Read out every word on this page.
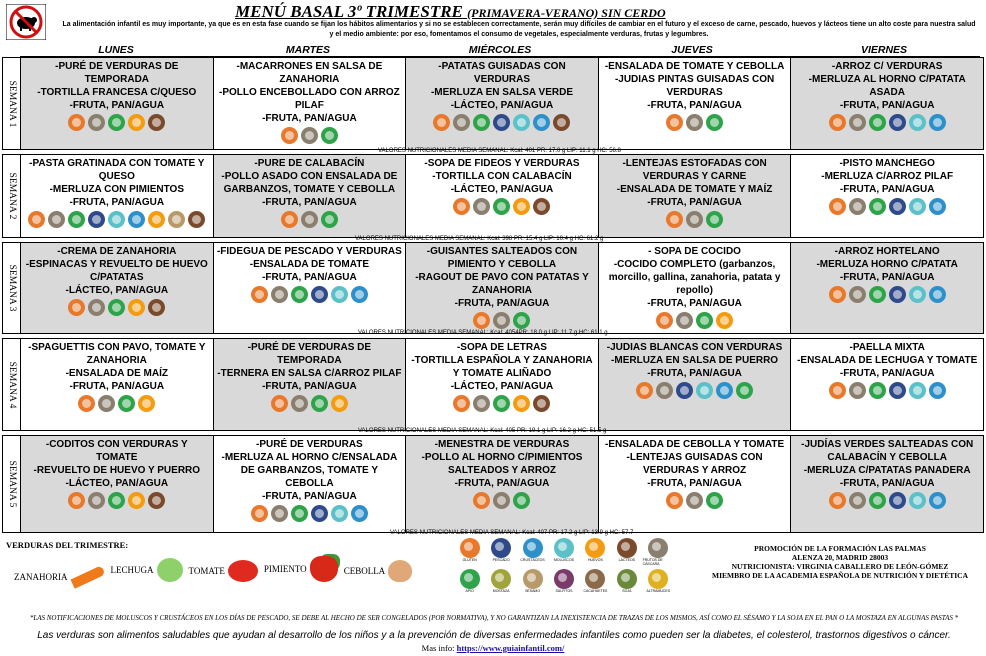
MENÚ BASAL 3º TRIMESTRE (PRIMAVERA-VERANO) SIN CERDO
La alimentación infantil es muy importante, ya que es en esta fase cuando se fijan los hábitos alimentarios y si no se establecen correctamente, serán muy difíciles de cambiar en el futuro y el exceso de carne, pescado, huevos y lácteos tiene un alto coste para nuestra salud y el medio ambiente: por eso, fomentamos el consumo de vegetales, especialmente verduras, frutas y legumbres.
LUNES	MARTES	MIÉRCOLES	JUEVES	VIERNES
SEMANA 1
-PURÉ DE VERDURAS DE TEMPORADA
-TORTILLA FRANCESA C/QUESO
-FRUTA, PAN/AGUA
-MACARRONES EN SALSA DE ZANAHORIA
-POLLO ENCEBOLLADO CON ARROZ PILAF
-FRUTA, PAN/AGUA
-PATATAS GUISADAS CON VERDURAS
-MERLUZA EN SALSA VERDE
-LÁCTEO, PAN/AGUA
-ENSALADA DE TOMATE Y CEBOLLA
-JUDIAS PINTAS GUISADAS CON VERDURAS
-FRUTA, PAN/AGUA
-ARROZ C/ VERDURAS
-MERLUZA AL HORNO C/PATATA ASADA
-FRUTA, PAN/AGUA
VALORES NUTRICIONALES MEDIA SEMANAL: Kcal: 401 PR: 17.0 g LIP: 11.1 g HC: 56.8
SEMANA 2
-PASTA GRATINADA CON TOMATE Y QUESO
-MERLUZA CON PIMIENTOS
-FRUTA, PAN/AGUA
-PURE DE CALABACÍN
-POLLO ASADO CON ENSALADA DE GARBANZOS, TOMATE Y CEBOLLA
-FRUTA, PAN/AGUA
-SOPA DE FIDEOS Y VERDURAS
-TORTILLA CON CALABACÍN
-LÁCTEO, PAN/AGUA
-LENTEJAS ESTOFADAS CON VERDURAS Y CARNE
-ENSALADA DE TOMATE Y MAÍZ
-FRUTA, PAN/AGUA
-PISTO MANCHEGO
-MERLUZA C/ARROZ PILAF
-FRUTA, PAN/AGUA
VALORES NUTRICIONALES MEDIA SEMANAL: Kcal: 398 PR: 15.4 g LIP: 10.4 g HC: 61.2 g
SEMANA 3
-CREMA DE ZANAHORIA
-ESPINACAS Y REVUELTO DE HUEVO C/PATATAS
-LÁCTEO, PAN/AGUA
-FIDEGUA DE PESCADO Y VERDURAS
-ENSALADA DE TOMATE
-FRUTA, PAN/AGUA
-GUISANTES SALTEADOS CON PIMIENTO Y CEBOLLA
-RAGOUT DE PAVO CON PATATAS Y ZANAHORIA
-FRUTA, PAN/AGUA
- SOPA DE COCIDO
-COCIDO COMPLETO (garbanzos, morcillo, gallina, zanahoria, patata y repollo)
-FRUTA, PAN/AGUA
-ARROZ HORTELANO
-MERLUZA HORNO C/PATATA
-FRUTA, PAN/AGUA
VALORES NUTRICIONALES MEDIA SEMANAL: Kcal: 4054PR: 18.0 g LIP: 11.7 g HC: 61.1 g
SEMANA 4
-SPAGUETTIS CON PAVO, TOMATE Y ZANAHORIA
-ENSALADA DE MAÍZ
-FRUTA, PAN/AGUA
-PURÉ DE VERDURAS DE TEMPORADA
-TERNERA EN SALSA C/ARROZ PILAF
-FRUTA, PAN/AGUA
-SOPA DE LETRAS
-TORTILLA ESPAÑOLA Y ZANAHORIA Y TOMATE ALIÑADO
-LÁCTEO, PAN/AGUA
-JUDIAS BLANCAS CON VERDURAS
-MERLUZA EN SALSA DE PUERRO
-FRUTA, PAN/AGUA
-PAELLA MIXTA
-ENSALADA DE LECHUGA Y TOMATE
-FRUTA, PAN/AGUA
VALORES NUTRICIONALES MEDIA SEMANAL: Kcal: 405 PR: 19.1 g LIP: 16.2 g HC: 51.5 g
SEMANA 5
-CODITOS CON VERDURAS Y TOMATE
-REVUELTO DE HUEVO Y PUERRO
-LÁCTEO, PAN/AGUA
-PURÉ DE VERDURAS
-MERLUZA AL HORNO C/ENSALADA DE GARBANZOS, TOMATE Y CEBOLLA
-FRUTA, PAN/AGUA
-MENESTRA DE VERDURAS
-POLLO AL HORNO C/PIMIENTOS SALTEADOS Y ARROZ
-FRUTA, PAN/AGUA
-ENSALADA DE CEBOLLA Y TOMATE
-LENTEJAS GUISADAS CON VERDURAS Y ARROZ
-FRUTA, PAN/AGUA
-JUDÍAS VERDES SALTEADAS CON CALABACÍN Y CEBOLLA
-MERLUZA C/PATATAS PANADERA
-FRUTA, PAN/AGUA
VALORES NUTRICIONALES MEDIA SEMANAL: Kcal: 407 PR: 17.2 g LIP: 13.9 g HC: 57.7
VERDURAS DEL TRIMESTRE:
ZANAHORIA
LECHUGA	TOMATE	PIMIENTO	CEBOLLA
GLUTEN	PESCADO	CRUSTÁCEOS	MOLUSCOS	HUEVOS	LÁCTEOS FRUTOS DE CÁSCARA
APIO	MOSTAZA	SÉSAMO	SULFITOS	CACAHUETES	SOJA	ALTRAMUCES
PROMOCIÓN DE LA FORMACIÓN LAS PALMAS
ALENZA 20, MADRID 28003
NUTRICIONISTA: VIRGINIA CABALLERO DE LEÓN-GÓMEZ
MIEMBRO DE LA ACADEMIA ESPAÑOLA DE NUTRICIÓN Y DIETÉTICA
*LAS NOTIFICACIONES DE MOLUSCOS Y CRUSTÁCEOS EN LOS DÍAS DE PESCADO, SE DEBE AL HECHO DE SER CONGELADOS (POR NORMATIVA), Y NO GARANTIZAN LA INEXISTENCIA DE TRAZAS DE LOS MISMOS, ASÍ COMO EL SÉSAMO Y LA SOJA EN EL PAN O LA MOSTAZA EN ALGUNAS PASTAS *
Las verduras son alimentos saludables que ayudan al desarrollo de los niños y a la prevención de diversas enfermedades infantiles como pueden ser la diabetes, el colesterol, trastornos digestivos o cáncer.
Mas info: https://www.guiainfantil.com/
